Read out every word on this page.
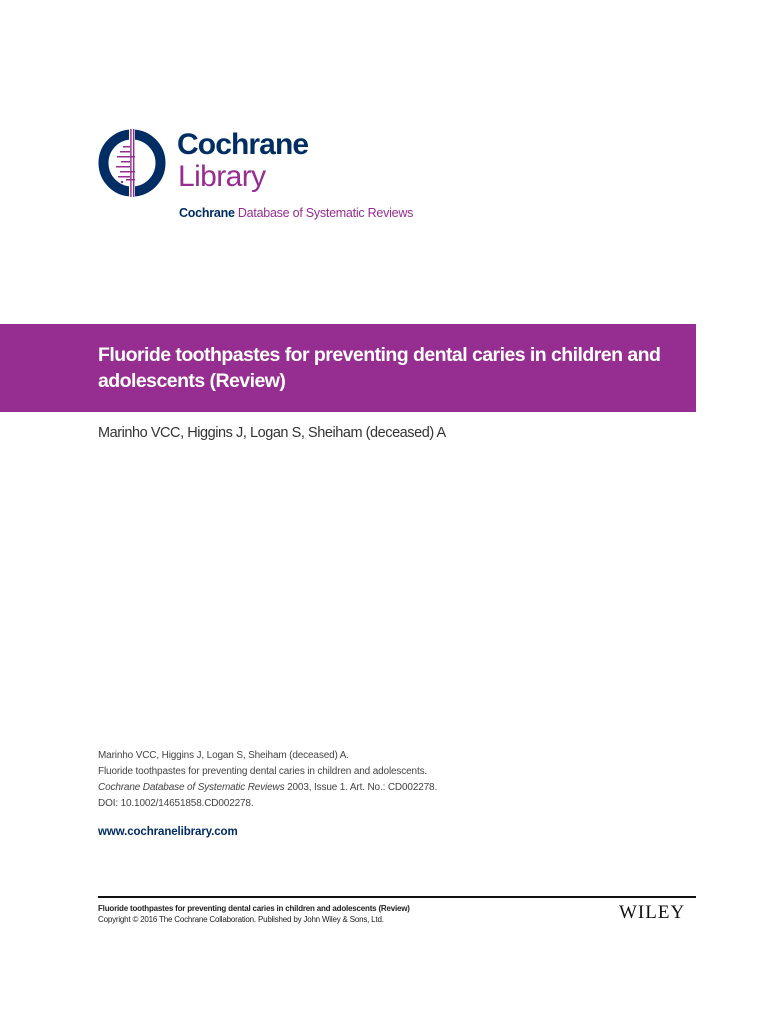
Cochrane
Library
Cochrane Database of Systematic Reviews
Fluoride toothpastes for preventing dental caries in children and adolescents (Review)
Marinho VCC, Higgins J, Logan S, Sheiham (deceased) A
Marinho VCC, Higgins J, Logan S, Sheiham (deceased) A.
Fluoride toothpastes for preventing dental caries in children and adolescents.
Cochrane Database of Systematic Reviews 2003, Issue 1. Art. No.: CD002278.
DOI: 10.1002/14651858.CD002278.
www.cochranelibrary.com
Fluoride toothpastes for preventing dental caries in children and adolescents (Review)
Copyright © 2016 The Cochrane Collaboration. Published by John Wiley & Sons, Ltd.	WILEY
